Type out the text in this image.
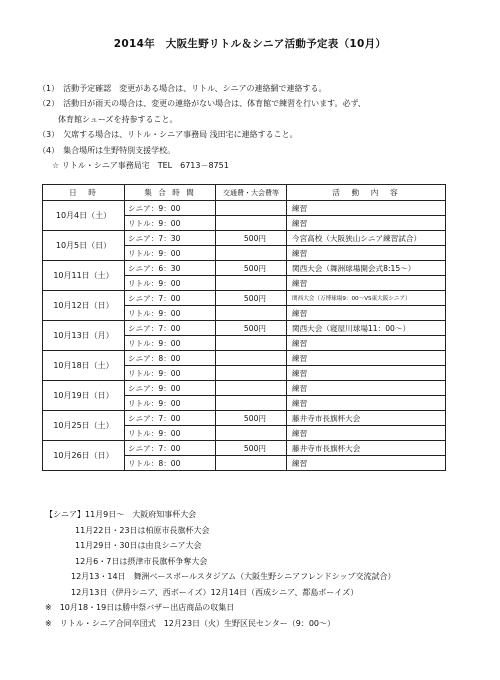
2014年　大阪生野リトル＆シニア活動予定表（10月）
（1）　活動予定確認　変更がある場合は、リトル、シニアの連絡網で連絡する。
（2）　活動日が雨天の場合は、変更の連絡がない場合は、体育館で練習を行います。必ず、
体育館シューズを持参すること。
（3）　欠席する場合は、リトル・シニア事務局 浅田宅に連絡すること。
（4）　集合場所は生野特別支援学校。
☆ リトル・シニア事務局宅　TEL　6713－8751
日　時	集 合 時 間	交通費・大会費等	活　動　内　容
10月4日（土）	シニア：9：00		練習
	リトル：9：00		練習
10月5日（日）	シニア：7：30	500円	今宮高校（大阪狭山シニア練習試合）
	リトル：9：00		練習
10月11日（土）	シニア：6：30	500円	関西大会（舞洲球場開会式8:15～）
	リトル：9：00		練習
10月12日（日）	シニア：7：00	500円	関西大会（万博球場9：00～VS東大阪シニア）
	リトル：9：00		練習
10月13日（月）	シニア：7：00	500円	関西大会（寝屋川球場11：00～）
	リトル：9：00		練習
10月18日（土）	シニア：8：00		練習
	リトル：9：00		練習
10月19日（日）	シニア：9：00		練習
	リトル：9：00		練習
10月25日（土）	シニア：7：00	500円	藤井寺市長旗杯大会
	リトル：9：00		練習
10月26日（日）	シニア：7：00	500円	藤井寺市長旗杯大会
	リトル：8：00		練習
【シニア】11月9日～　大阪府知事杯大会
11月22日・23日は柏原市長旗杯大会
11月29日・30日は由良シニア大会
12月6・7日は摂津市長旗杯争奪大会
12月13・14日　舞洲ベースボールスタジアム（大阪生野シニアフレンドシップ交流試合）
12月13日（伊丹シニア、西ボーイズ）12月14日（西成シニア、都島ボーイズ）
※　10月18・19日は勝中祭バザー出店商品の収集日
※　リトル・シニア合同卒団式　12月23日（火）生野区民センター（9：00～）
